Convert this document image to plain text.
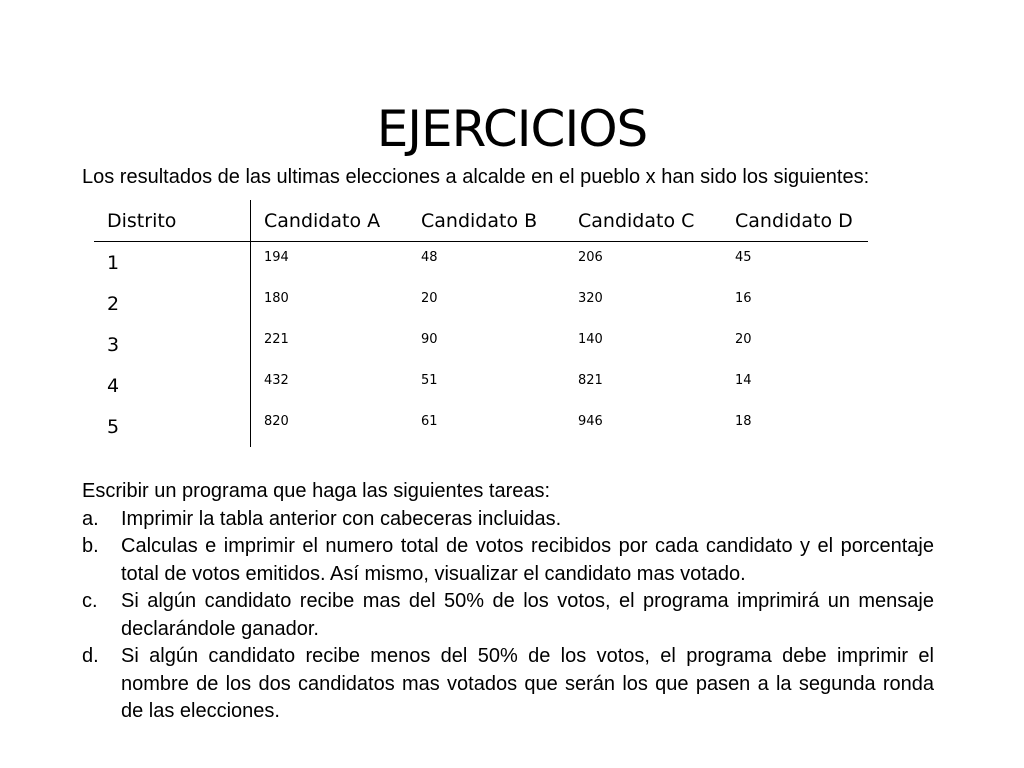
EJERCICIOS

Los resultados de las ultimas elecciones a alcalde en el pueblo x han sido los siguientes:

Distrito	Candidato A	Candidato B	Candidato C	Candidato D
1	194	48	206	45
2	180	20	320	16
3	221	90	140	20
4	432	51	821	14
5	820	61	946	18

Escribir un programa que haga las siguientes tareas:

a. Imprimir la tabla anterior con cabeceras incluidas.
b. Calculas e imprimir el numero total de votos recibidos por cada candidato y el porcentaje total de votos emitidos. Así mismo, visualizar el candidato mas votado.
c. Si algún candidato recibe mas del 50% de los votos, el programa imprimirá un mensaje declarándole ganador.
d. Si algún candidato recibe menos del 50% de los votos, el programa debe imprimir el nombre de los dos candidatos mas votados que serán los que pasen a la segunda ronda de las elecciones.
